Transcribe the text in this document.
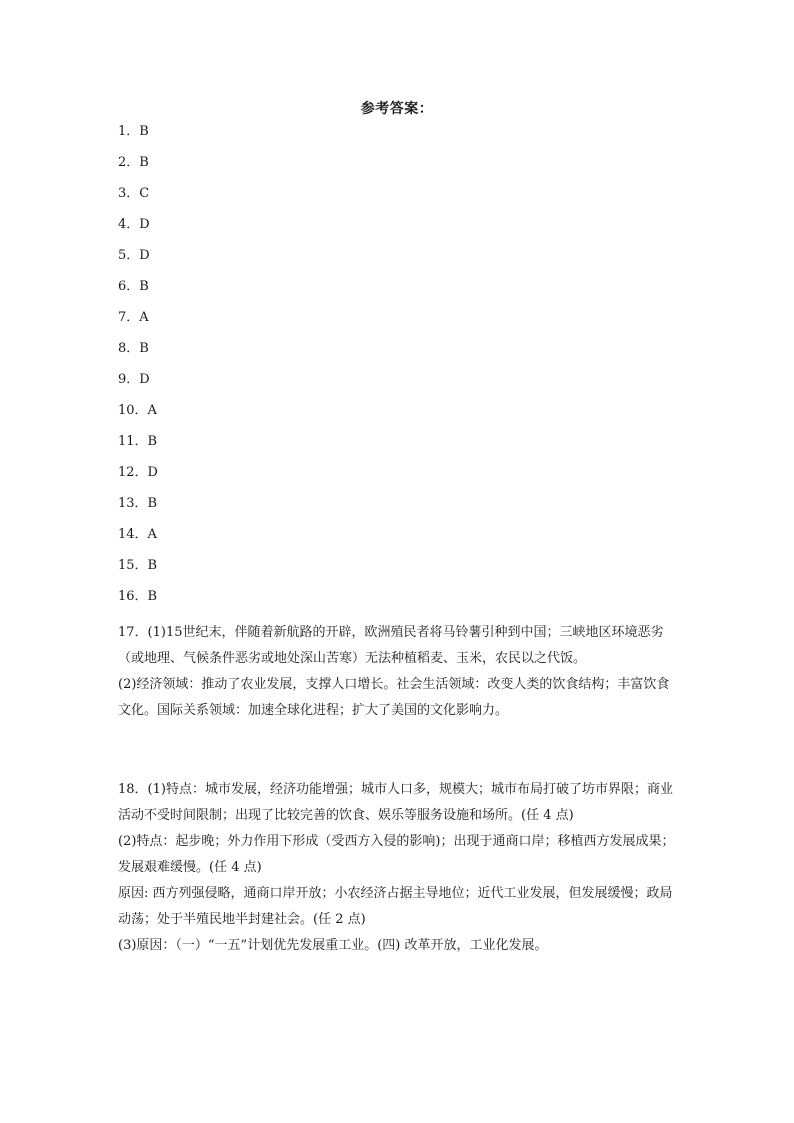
参考答案：
1．B
2．B
3．C
4．D
5．D
6．B
7．A
8．B
9．D
10．A
11．B
12．D
13．B
14．A
15．B
16．B

17．(1)15世纪末，伴随着新航路的开辟，欧洲殖民者将马铃薯引种到中国；三峡地区环境恶劣（或地理、气候条件恶劣或地处深山苦寒）无法种植稻麦、玉米，农民以之代饭。

(2)经济领域：推动了农业发展，支撑人口增长。社会生活领域：改变人类的饮食结构；丰富饮食文化。国际关系领域：加速全球化进程；扩大了美国的文化影响力。

18．(1)特点：城市发展，经济功能增强；城市人口多，规模大；城市布局打破了坊市界限；商业活动不受时间限制；出现了比较完善的饮食、娱乐等服务设施和场所。(任 4 点)

(2)特点：起步晚；外力作用下形成（受西方入侵的影响)；出现于通商口岸；移植西方发展成果；发展艰难缓慢。(任 4 点)

原因: 西方列强侵略，通商口岸开放；小农经济占据主导地位；近代工业发展，但发展缓慢；政局动荡；处于半殖民地半封建社会。(任 2 点)

(3)原因：（一）“一五”计划优先发展重工业。(四) 改革开放，工业化发展。
